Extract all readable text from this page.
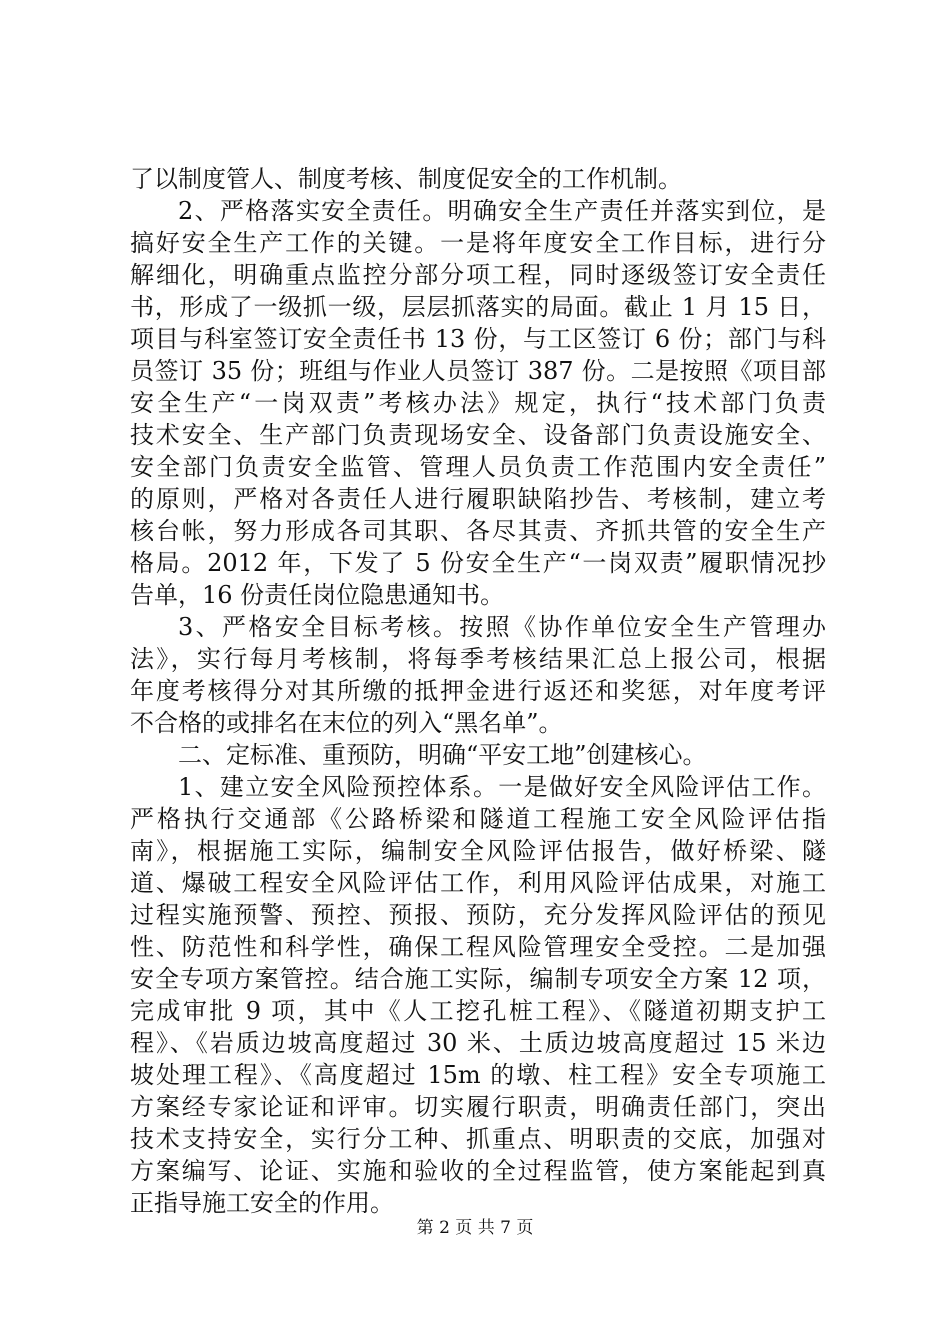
了以制度管人、制度考核、制度促安全的工作机制。
2、严格落实安全责任。明确安全生产责任并落实到位，是
搞好安全生产工作的关键。一是将年度安全工作目标，进行分
解细化，明确重点监控分部分项工程，同时逐级签订安全责任
书，形成了一级抓一级，层层抓落实的局面。截止 1 月 15 日，
项目与科室签订安全责任书 13 份，与工区签订 6 份；部门与科
员签订 35 份；班组与作业人员签订 387 份。二是按照《项目部
安全生产“一岗双责”考核办法》规定，执行“技术部门负责
技术安全、生产部门负责现场安全、设备部门负责设施安全、
安全部门负责安全监管、管理人员负责工作范围内安全责任”
的原则，严格对各责任人进行履职缺陷抄告、考核制，建立考
核台帐，努力形成各司其职、各尽其责、齐抓共管的安全生产
格局。2012 年，下发了 5 份安全生产“一岗双责”履职情况抄
告单，16 份责任岗位隐患通知书。
3、严格安全目标考核。按照《协作单位安全生产管理办
法》，实行每月考核制，将每季考核结果汇总上报公司，根据
年度考核得分对其所缴的抵押金进行返还和奖惩，对年度考评
不合格的或排名在末位的列入“黑名单”。
二、定标准、重预防，明确“平安工地”创建核心。
1、建立安全风险预控体系。一是做好安全风险评估工作。
严格执行交通部《公路桥梁和隧道工程施工安全风险评估指
南》，根据施工实际，编制安全风险评估报告，做好桥梁、隧
道、爆破工程安全风险评估工作，利用风险评估成果，对施工
过程实施预警、预控、预报、预防，充分发挥风险评估的预见
性、防范性和科学性，确保工程风险管理安全受控。二是加强
安全专项方案管控。结合施工实际，编制专项安全方案 12 项，
完成审批 9 项，其中《人工挖孔桩工程》、《隧道初期支护工
程》、《岩质边坡高度超过 30 米、土质边坡高度超过 15 米边
坡处理工程》、《高度超过 15m 的墩、柱工程》安全专项施工
方案经专家论证和评审。切实履行职责，明确责任部门，突出
技术支持安全，实行分工种、抓重点、明职责的交底，加强对
方案编写、论证、实施和验收的全过程监管，使方案能起到真
正指导施工安全的作用。
第 2 页 共 7 页
